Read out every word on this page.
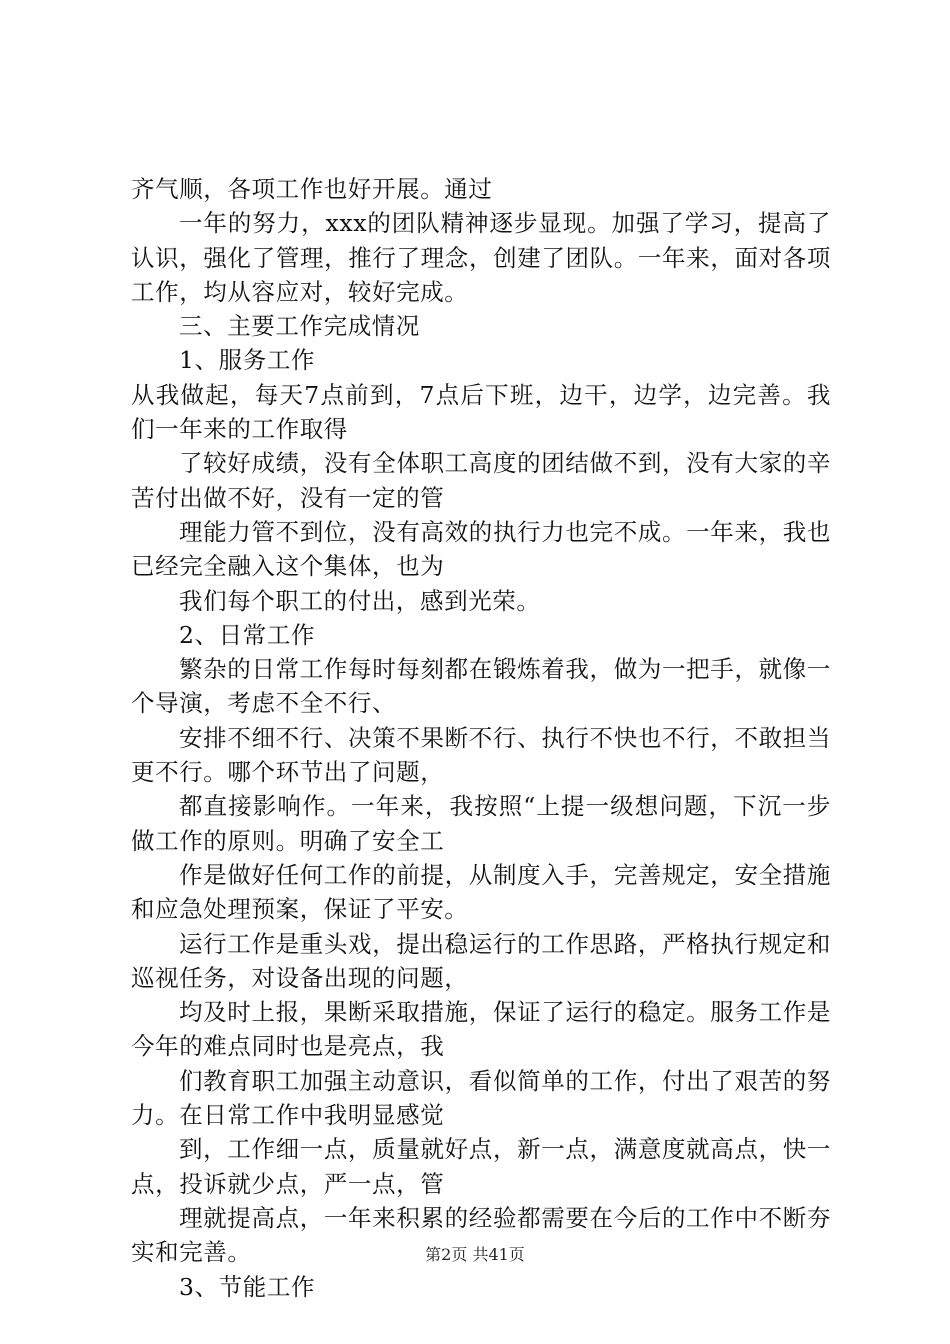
齐气顺，各项工作也好开展。通过

一年的努力，xxx的团队精神逐步显现。加强了学习，提高了认识，强化了管理，推行了理念，创建了团队。一年来，面对各项工作，均从容应对，较好完成。

三、主要工作完成情况

1、服务工作

从我做起，每天7点前到，7点后下班，边干，边学，边完善。我们一年来的工作取得

了较好成绩，没有全体职工高度的团结做不到，没有大家的辛苦付出做不好，没有一定的管

理能力管不到位，没有高效的执行力也完不成。一年来，我也已经完全融入这个集体，也为

我们每个职工的付出，感到光荣。

2、日常工作

繁杂的日常工作每时每刻都在锻炼着我，做为一把手，就像一个导演，考虑不全不行、

安排不细不行、决策不果断不行、执行不快也不行，不敢担当更不行。哪个环节出了问题，

都直接影响作。一年来，我按照“上提一级想问题，下沉一步做工作的原则。明确了安全工

作是做好任何工作的前提，从制度入手，完善规定，安全措施和应急处理预案，保证了平安。

运行工作是重头戏，提出稳运行的工作思路，严格执行规定和巡视任务，对设备出现的问题，

均及时上报，果断采取措施，保证了运行的稳定。服务工作是今年的难点同时也是亮点，我

们教育职工加强主动意识，看似简单的工作，付出了艰苦的努力。在日常工作中我明显感觉

到，工作细一点，质量就好点，新一点，满意度就高点，快一点，投诉就少点，严一点，管

理就提高点，一年来积累的经验都需要在今后的工作中不断夯实和完善。

3、节能工作

第2页 共41页
